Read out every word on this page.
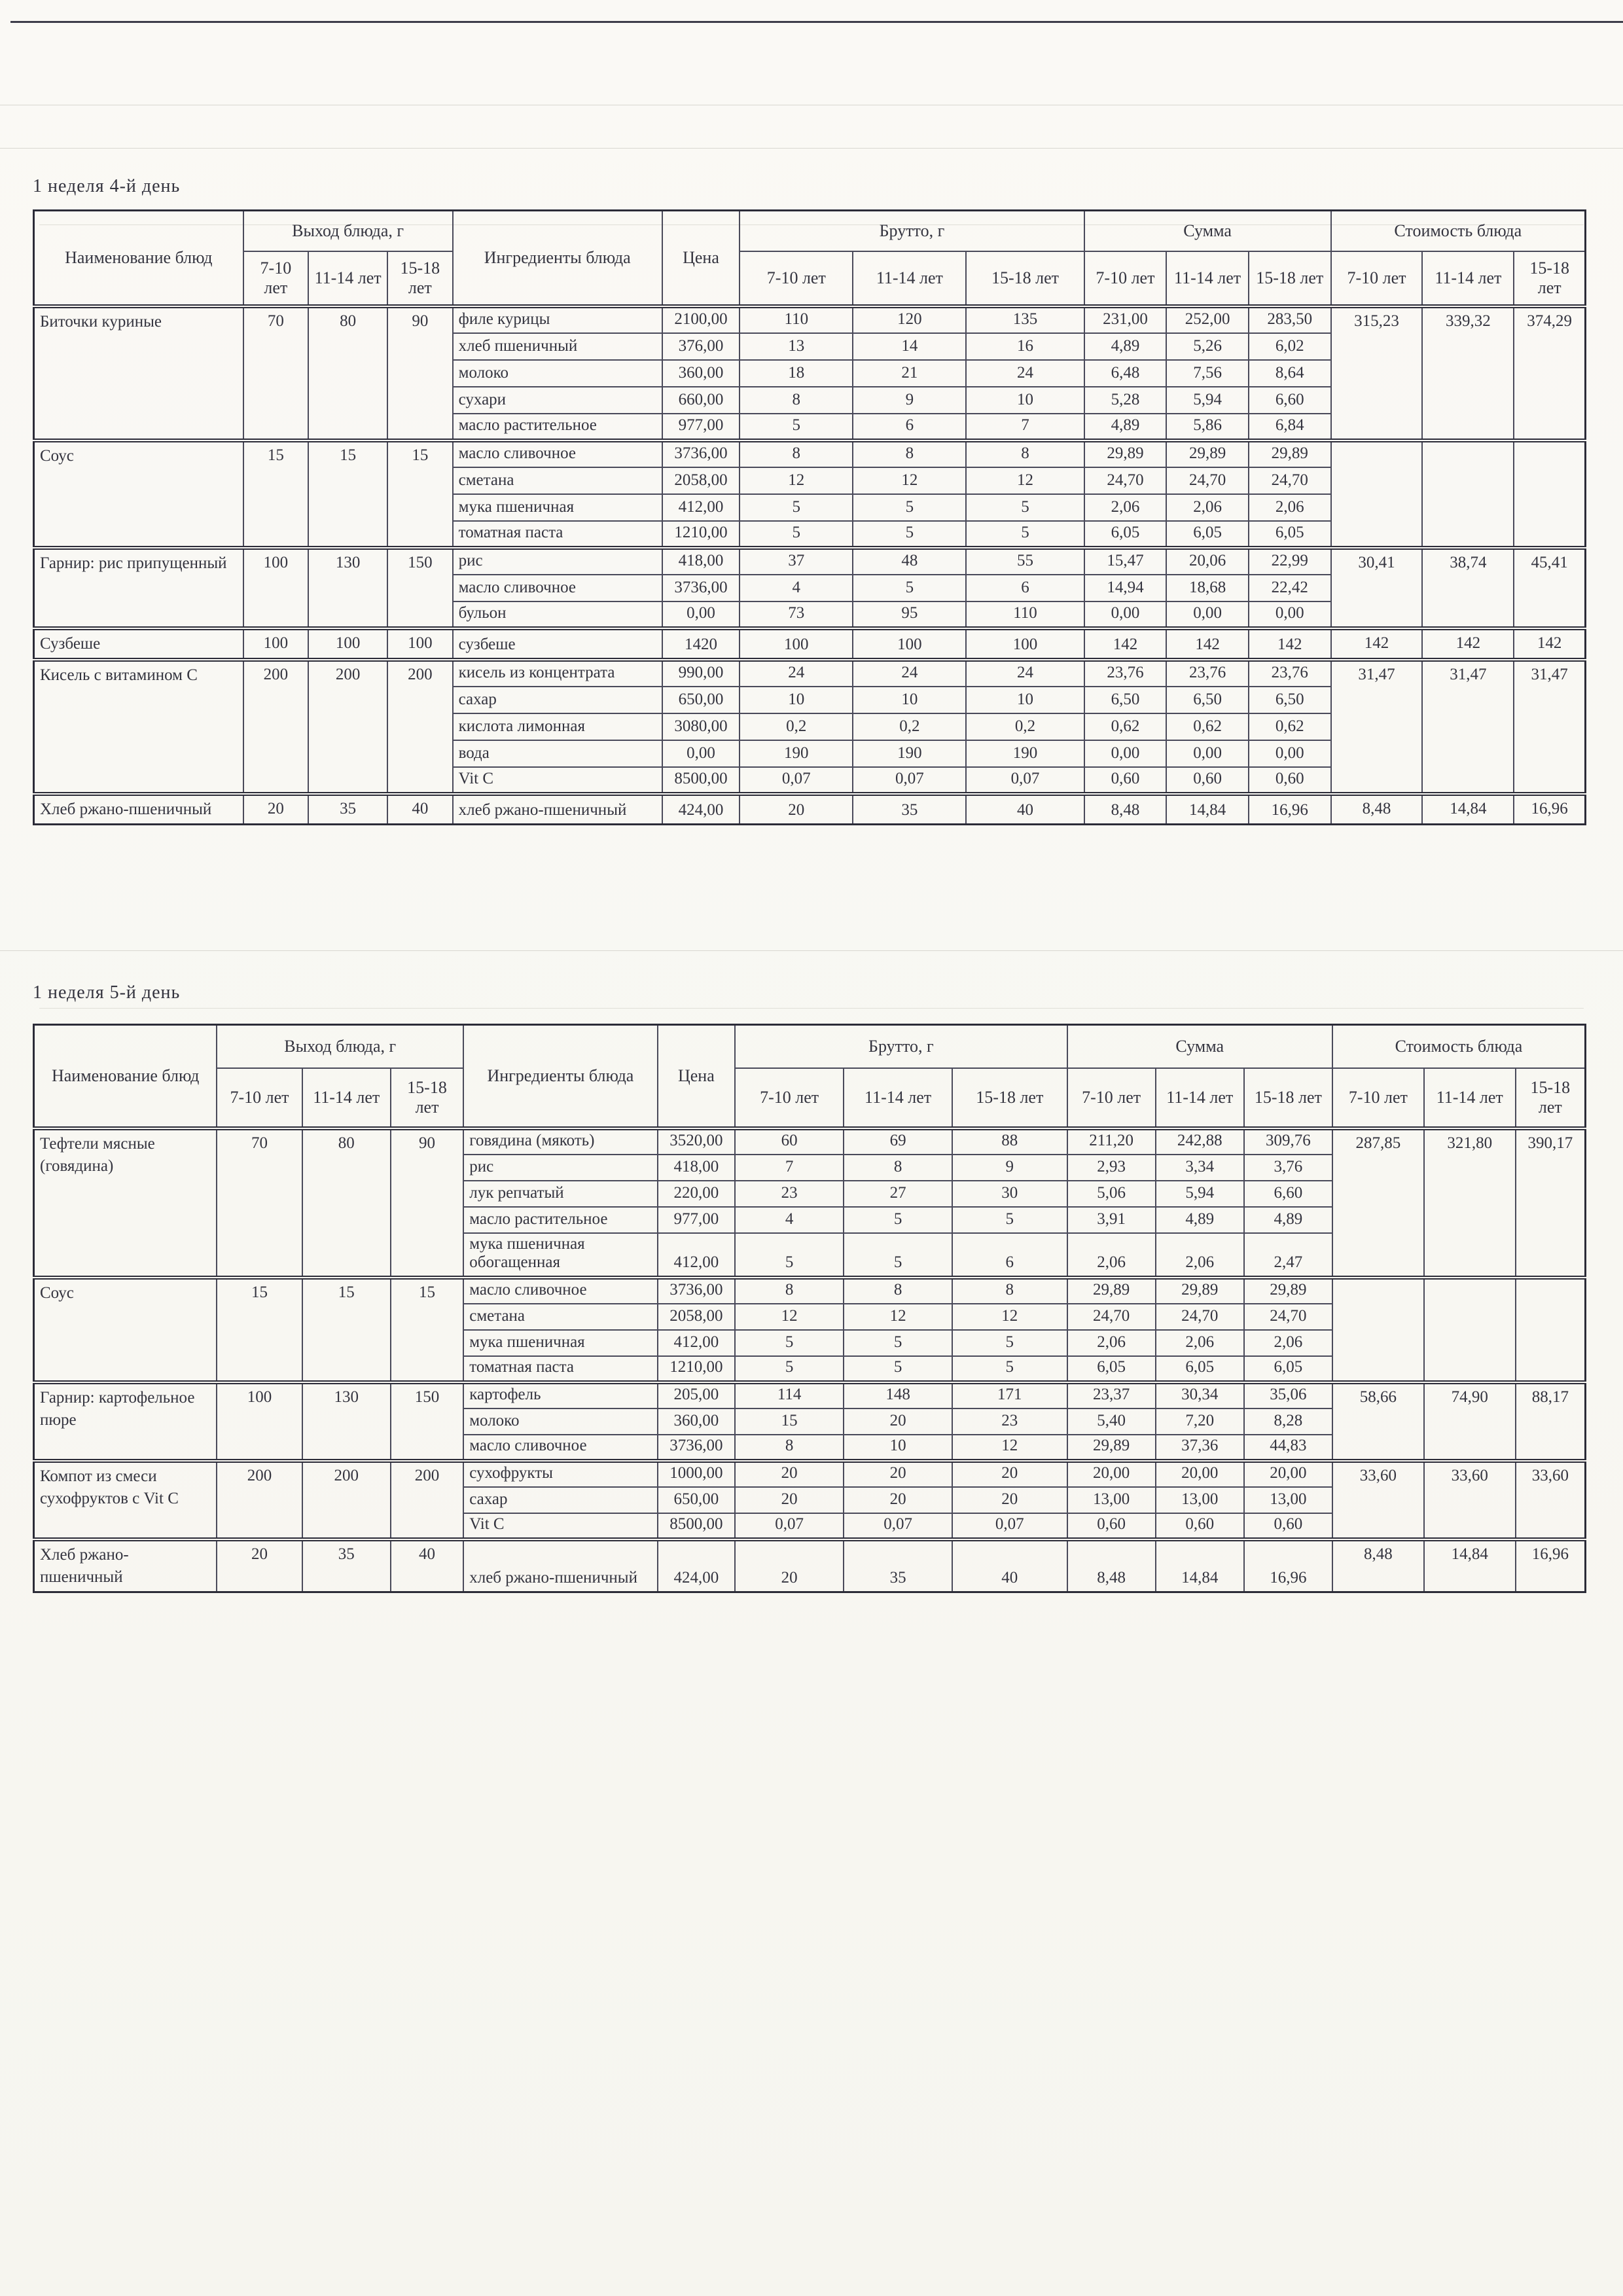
1 неделя 4-й день
Наименование блюд	Выход блюда, г			Ингредиенты блюда	Цена	Брутто, г			Сумма			Стоимость блюда		
	7-10 лет	11-14 лет	15-18 лет			7-10 лет	11-14 лет	15-18 лет	7-10 лет	11-14 лет	15-18 лет	7-10 лет	11-14 лет	15-18 лет
Биточки куриные	70	80	90	филе курицы	2100,00	110	120	135	231,00	252,00	283,50	315,23	339,32	374,29
				хлеб пшеничный	376,00	13	14	16	4,89	5,26	6,02			
				молоко	360,00	18	21	24	6,48	7,56	8,64			
				сухари	660,00	8	9	10	5,28	5,94	6,60			
				масло растительное	977,00	5	6	7	4,89	5,86	6,84			
Соус	15	15	15	масло сливочное	3736,00	8	8	8	29,89	29,89	29,89			
				сметана	2058,00	12	12	12	24,70	24,70	24,70			
				мука пшеничная	412,00	5	5	5	2,06	2,06	2,06			
				томатная паста	1210,00	5	5	5	6,05	6,05	6,05			
Гарнир: рис припущенный	100	130	150	рис	418,00	37	48	55	15,47	20,06	22,99	30,41	38,74	45,41
				масло сливочное	3736,00	4	5	6	14,94	18,68	22,42			
				бульон	0,00	73	95	110	0,00	0,00	0,00			
Сузбеше	100	100	100	сузбеше	1420	100	100	100	142	142	142	142	142	142
Кисель с витамином С	200	200	200	кисель из концентрата	990,00	24	24	24	23,76	23,76	23,76	31,47	31,47	31,47
				сахар	650,00	10	10	10	6,50	6,50	6,50			
				кислота лимонная	3080,00	0,2	0,2	0,2	0,62	0,62	0,62			
				вода	0,00	190	190	190	0,00	0,00	0,00			
				Vit C	8500,00	0,07	0,07	0,07	0,60	0,60	0,60			
Хлеб ржано-пшеничный	20	35	40	хлеб ржано-пшеничный	424,00	20	35	40	8,48	14,84	16,96	8,48	14,84	16,96
1 неделя 5-й день
Наименование блюд	Выход блюда, г			Ингредиенты блюда	Цена	Брутто, г			Сумма			Стоимость блюда		
	7-10 лет	11-14 лет	15-18 лет			7-10 лет	11-14 лет	15-18 лет	7-10 лет	11-14 лет	15-18 лет	7-10 лет	11-14 лет	15-18 лет
Тефтели мясные (говядина)	70	80	90	говядина (мякоть)	3520,00	60	69	88	211,20	242,88	309,76	287,85	321,80	390,17
				рис	418,00	7	8	9	2,93	3,34	3,76			
				лук репчатый	220,00	23	27	30	5,06	5,94	6,60			
				масло растительное	977,00	4	5	5	3,91	4,89	4,89			
				мука пшеничная обогащенная	412,00	5	5	6	2,06	2,06	2,47			
Соус	15	15	15	масло сливочное	3736,00	8	8	8	29,89	29,89	29,89			
				сметана	2058,00	12	12	12	24,70	24,70	24,70			
				мука пшеничная	412,00	5	5	5	2,06	2,06	2,06			
				томатная паста	1210,00	5	5	5	6,05	6,05	6,05			
Гарнир: картофельное пюре	100	130	150	картофель	205,00	114	148	171	23,37	30,34	35,06	58,66	74,90	88,17
				молоко	360,00	15	20	23	5,40	7,20	8,28			
				масло сливочное	3736,00	8	10	12	29,89	37,36	44,83			
Компот из смеси сухофруктов с Vit C	200	200	200	сухофрукты	1000,00	20	20	20	20,00	20,00	20,00	33,60	33,60	33,60
				сахар	650,00	20	20	20	13,00	13,00	13,00			
				Vit C	8500,00	0,07	0,07	0,07	0,60	0,60	0,60			
Хлеб ржано-пшеничный	20	35	40	хлеб ржано-пшеничный	424,00	20	35	40	8,48	14,84	16,96	8,48	14,84	16,96
